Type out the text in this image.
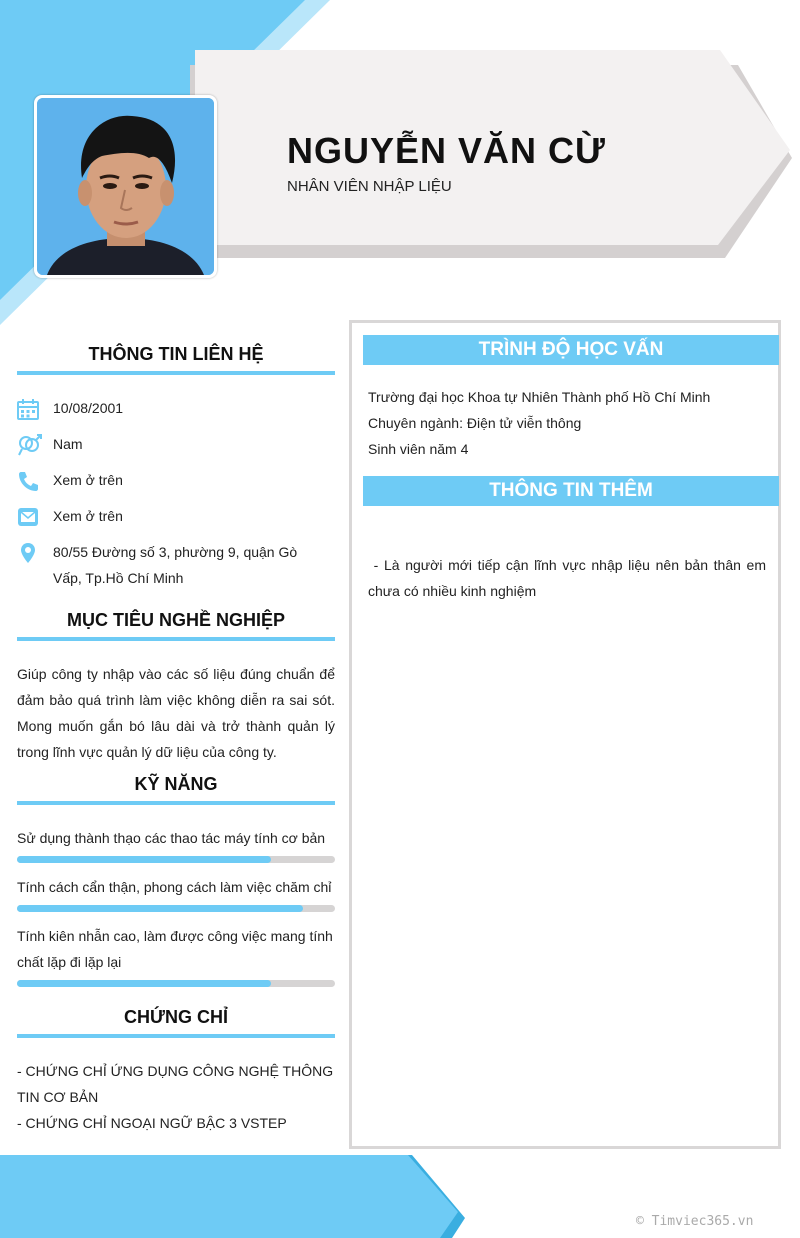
NGUYỄN VĂN CỪ
NHÂN VIÊN NHẬP LIỆU
THÔNG TIN LIÊN HỆ
10/08/2001
Nam
Xem ở trên
Xem ở trên
80/55 Đường số 3, phường 9, quận Gò Vấp, Tp.Hồ Chí Minh
MỤC TIÊU NGHỀ NGHIỆP
Giúp công ty nhập vào các số liệu đúng chuẩn để đảm bảo quá trình làm việc không diễn ra sai sót. Mong muốn gắn bó lâu dài và trở thành quản lý trong lĩnh vực quản lý dữ liệu của công ty.
KỸ NĂNG
Sử dụng thành thạo các thao tác máy tính cơ bản
Tính cách cẩn thận, phong cách làm việc chăm chỉ
Tính kiên nhẫn cao, làm được công việc mang tính chất lặp đi lặp lại
CHỨNG CHỈ
- CHỨNG CHỈ ỨNG DỤNG CÔNG NGHỆ THÔNG TIN CƠ BẢN
- CHỨNG CHỈ NGOẠI NGỮ BẬC 3 VSTEP
TRÌNH ĐỘ HỌC VẤN
Trường đại học Khoa tự Nhiên Thành phố Hồ Chí Minh
Chuyên ngành: Điện tử viễn thông
Sinh viên năm 4
THÔNG TIN THÊM
- Là người mới tiếp cận lĩnh vực nhập liệu nên bản thân em chưa có nhiều kinh nghiệm
© Timviec365.vn
